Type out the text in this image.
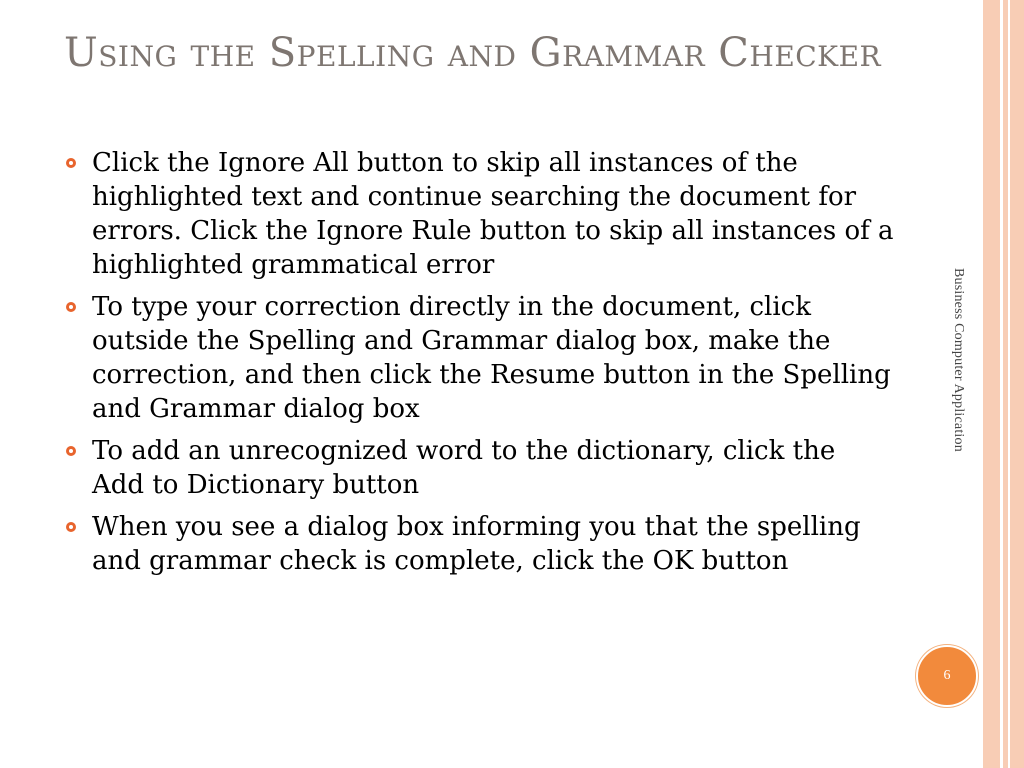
Using the Spelling and Grammar Checker
Click the Ignore All button to skip all instances of the highlighted text and continue searching the document for errors. Click the Ignore Rule button to skip all instances of a highlighted grammatical error
To type your correction directly in the document, click outside the Spelling and Grammar dialog box, make the correction, and then click the Resume button in the Spelling and Grammar dialog box
To add an unrecognized word to the dictionary, click the Add to Dictionary button
When you see a dialog box informing you that the spelling and grammar check is complete, click the OK button
Business Computer Application
6
